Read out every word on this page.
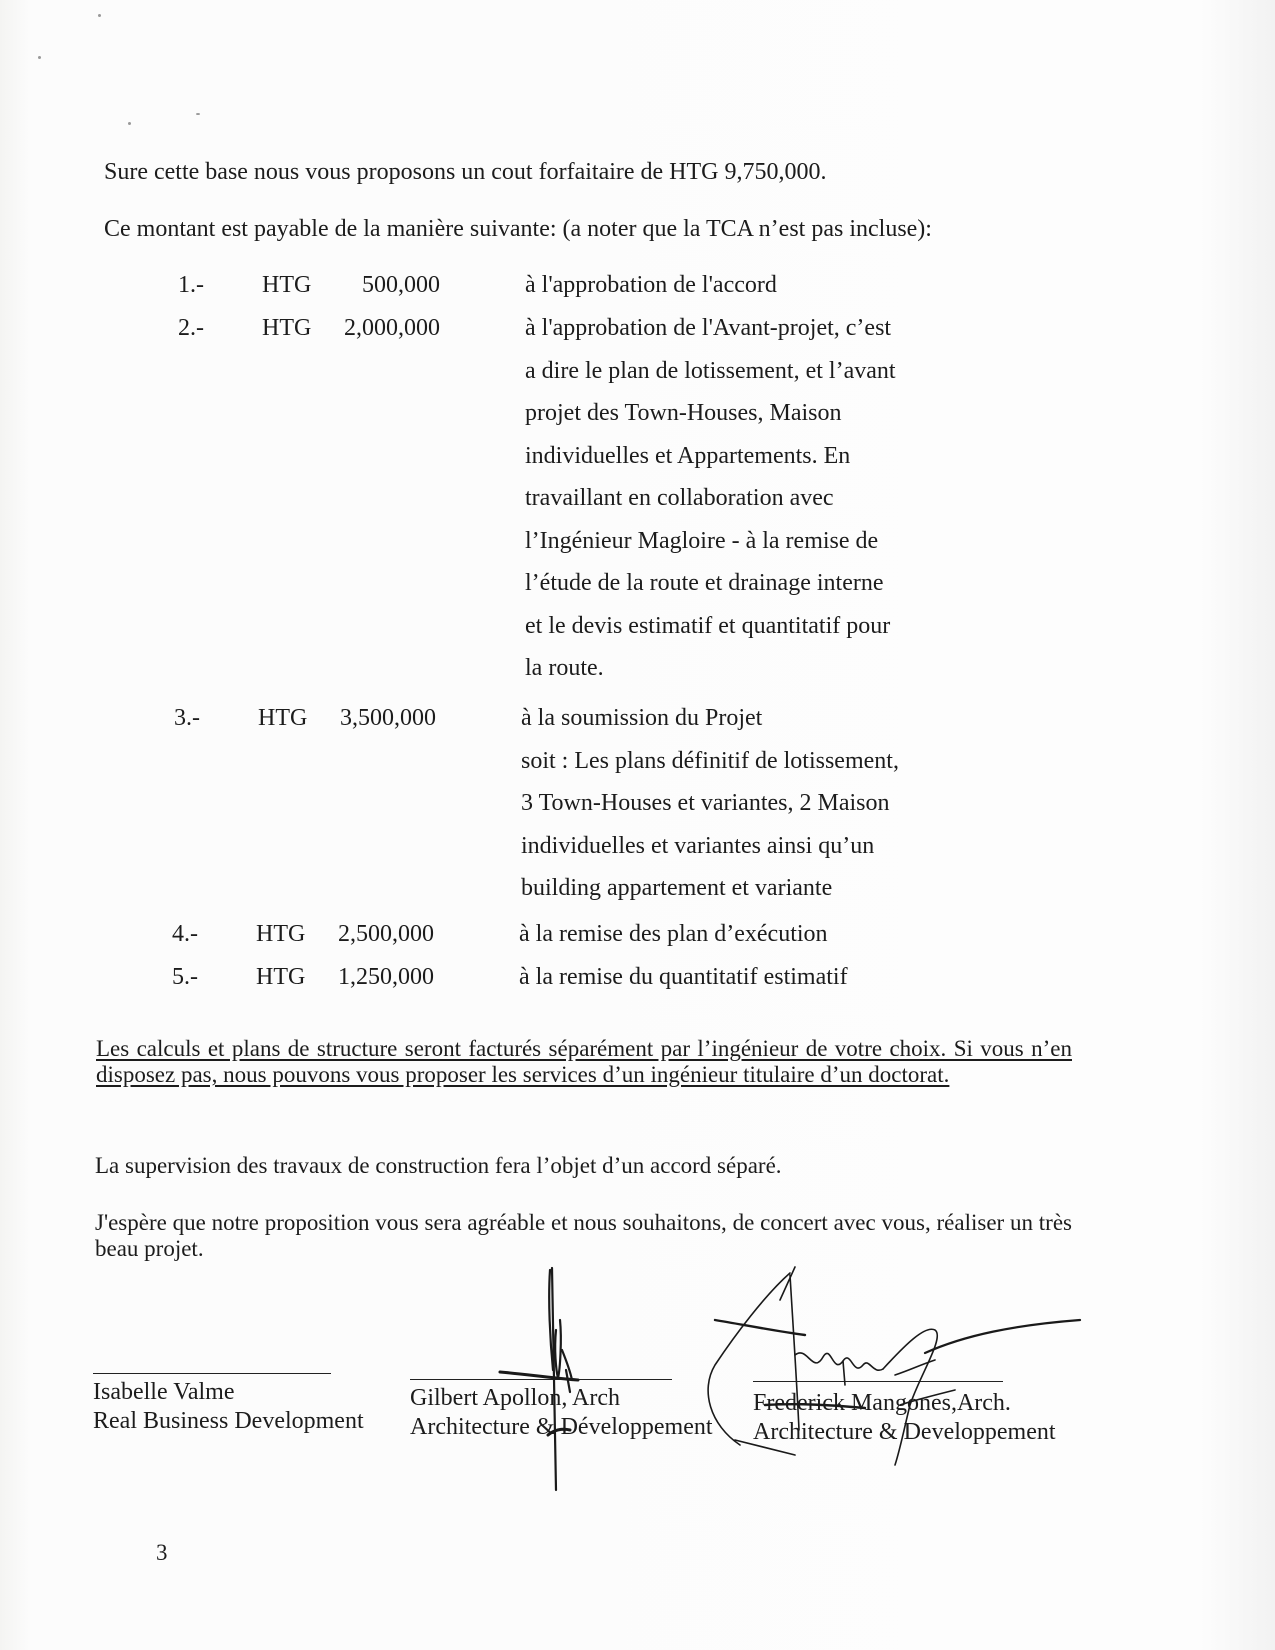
Sure cette base nous vous proposons un cout forfaitaire de HTG 9,750,000.
Ce montant est payable de la manière suivante: (a noter que la TCA n’est pas incluse):
1.- HTG	500,000	à l'approbation de l'accord
2.- HTG	2,000,000	à l'approbation de l'Avant-projet, c’est
a dire le plan de lotissement, et l’avant
projet des Town-Houses, Maison
individuelles et Appartements. En
travaillant en collaboration avec
l’Ingénieur Magloire - à la remise de
l’étude de la route et drainage interne
et le devis estimatif et quantitatif pour
la route.
3.- HTG	3,500,000	à la soumission du Projet
soit : Les plans définitif de lotissement,
3 Town-Houses et variantes, 2 Maison
individuelles et variantes ainsi qu’un
building appartement et variante
4.- HTG	2,500,000	à la remise des plan d’exécution
5.- HTG	1,250,000	à la remise du quantitatif estimatif
Les calculs et plans de structure seront facturés séparément par l’ingénieur de votre choix. Si vous n’en disposez pas, nous pouvons vous proposer les services d’un ingénieur titulaire d’un doctorat.
La supervision des travaux de construction fera l’objet d’un accord séparé.
J'espère que notre proposition vous sera agréable et nous souhaitons, de concert avec vous, réaliser un très beau projet.
Isabelle Valme
Real Business Development
Gilbert Apollon, Arch
Architecture & Développement
Frederick Mangones,Arch.
Architecture & Developpement
3
